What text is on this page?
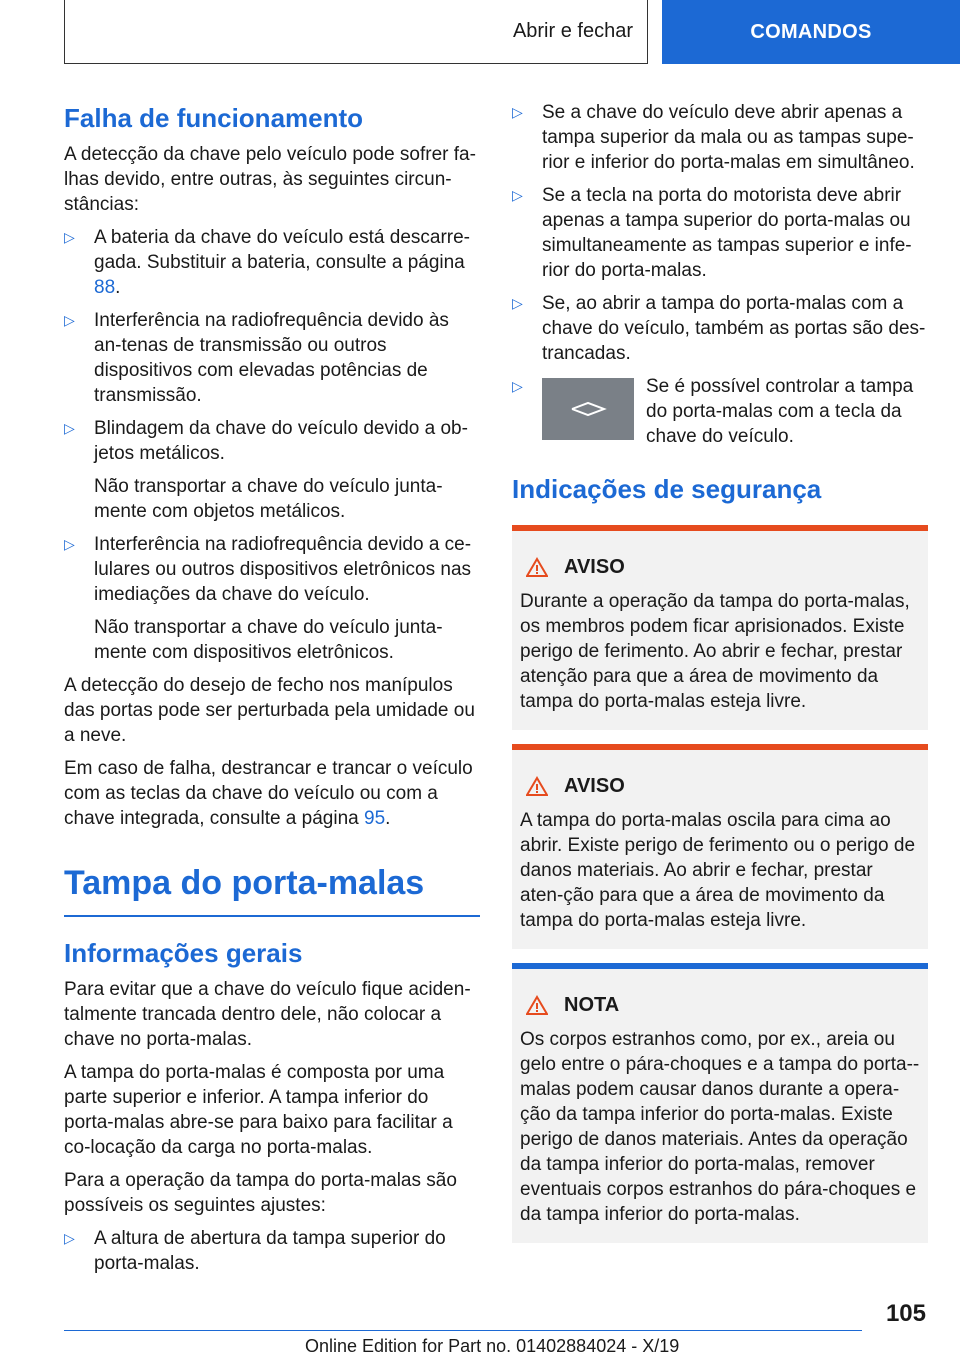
Abrir e fechar	COMANDOS
Falha de funcionamento

A detecção da chave pelo veículo pode sofrer fa-lhas devido, entre outras, às seguintes circun-stâncias:

▷	A bateria da chave do veículo está descarre-gada. Substituir a bateria, consulte a página 88.
▷	Interferência na radiofrequência devido às an-tenas de transmissão ou outros dispositivos com elevadas potências de transmissão.
▷	Blindagem da chave do veículo devido a ob-jetos metálicos.
Não transportar a chave do veículo junta-mente com objetos metálicos.
▷	Interferência na radiofrequência devido a ce-lulares ou outros dispositivos eletrônicos nas imediações da chave do veículo.
Não transportar a chave do veículo junta-mente com dispositivos eletrônicos.

A detecção do desejo de fecho nos manípulos das portas pode ser perturbada pela umidade ou a neve.

Em caso de falha, destrancar e trancar o veículo com as teclas da chave do veículo ou com a chave integrada, consulte a página 95.

Tampa do porta-malas
Informações gerais

Para evitar que a chave do veículo fique aciden-talmente trancada dentro dele, não colocar a chave no porta-malas.

A tampa do porta-malas é composta por uma parte superior e inferior. A tampa inferior do porta-malas abre-se para baixo para facilitar a co-locação da carga no porta-malas.

Para a operação da tampa do porta-malas são possíveis os seguintes ajustes:

▷	A altura de abertura da tampa superior do porta-malas.
▷	Se a chave do veículo deve abrir apenas a tampa superior da mala ou as tampas supe-rior e inferior do porta-malas em simultâneo.
▷	Se a tecla na porta do motorista deve abrir apenas a tampa superior do porta-malas ou simultaneamente as tampas superior e infe-rior do porta-malas.
▷	Se, ao abrir a tampa do porta-malas com a chave do veículo, também as portas são des-trancadas.
▷	Se é possível controlar a tampa do porta-malas com a tecla da chave do veículo.
Indicações de segurança
AVISO

Durante a operação da tampa do porta-malas, os membros podem ficar aprisionados. Existe perigo de ferimento. Ao abrir e fechar, prestar atenção para que a área de movimento da tampa do porta-malas esteja livre.

AVISO

A tampa do porta-malas oscila para cima ao abrir. Existe perigo de ferimento ou o perigo de danos materiais. Ao abrir e fechar, prestar aten-ção para que a área de movimento da tampa do porta-malas esteja livre.

NOTA

Os corpos estranhos como, por ex., areia ou gelo entre o pára-choques e a tampa do porta--malas podem causar danos durante a opera-ção da tampa inferior do porta-malas. Existe perigo de danos materiais. Antes da operação da tampa inferior do porta-malas, remover eventuais corpos estranhos do pára-choques e da tampa inferior do porta-malas.

105
Online Edition for Part no. 01402884024 - X/19
